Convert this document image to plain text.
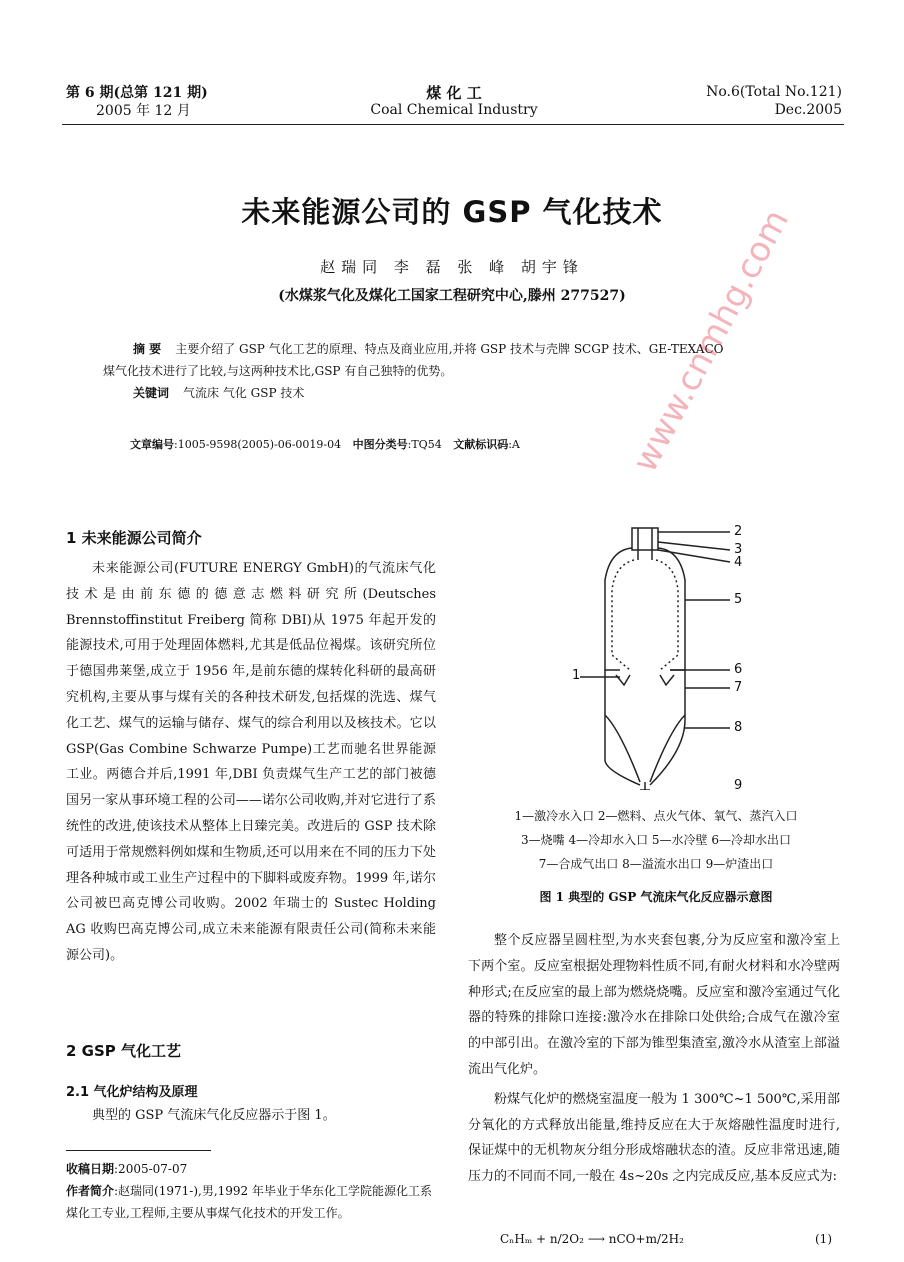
第 6 期(总第 121 期)
2005 年 12 月
煤 化 工
Coal Chemical Industry
No.6(Total No.121)
Dec.2005
未来能源公司的 GSP 气化技术
赵瑞同 李 磊 张 峰 胡宇锋
(水煤浆气化及煤化工国家工程研究中心,滕州 277527)
摘 要 主要介绍了 GSP 气化工艺的原理、特点及商业应用,并将 GSP 技术与壳牌 SCGP 技术、GE-TEXACO
煤气化技术进行了比较,与这两种技术比,GSP 有自己独特的优势。
关键词 气流床 气化 GSP 技术
文章编号:1005-9598(2005)-06-0019-04 中图分类号:TQ54 文献标识码:A
1 未来能源公司简介

未来能源公司(FUTURE ENERGY GmbH)的气流床气化技术是由前东德的德意志燃料研究所(Deutsches Brennstoffinstitut Freiberg 简称 DBI)从 1975 年起开发的能源技术,可用于处理固体燃料,尤其是低品位褐煤。该研究所位于德国弗莱堡,成立于 1956 年,是前东德的煤转化科研的最高研究机构,主要从事与煤有关的各种技术研发,包括煤的洗选、煤气化工艺、煤气的运输与储存、煤气的综合利用以及核技术。它以 GSP(Gas Combine Schwarze Pumpe)工艺而驰名世界能源工业。两德合并后,1991 年,DBI 负责煤气生产工艺的部门被德国另一家从事环境工程的公司——诺尔公司收购,并对它进行了系统性的改进,使该技术从整体上日臻完美。改进后的 GSP 技术除可适用于常规燃料例如煤和生物质,还可以用来在不同的压力下处理各种城市或工业生产过程中的下脚料或废弃物。1999 年,诺尔公司被巴高克博公司收购。2002 年瑞士的 Sustec Holding AG 收购巴高克博公司,成立未来能源有限责任公司(简称未来能源公司)。

2 GSP 气化工艺
2.1 气化炉结构及原理

典型的 GSP 气流床气化反应器示于图 1。

收稿日期:2005-07-07
作者简介:赵瑞同(1971-),男,1992 年毕业于华东化工学院能源化工系煤化工专业,工程师,主要从事煤气化技术的开发工作。
www.cnmhg.com
1
2
3
4
5
6
7
8
9
1—激冷水入口 2—燃料、点火气体、氧气、蒸汽入口
3—烧嘴 4—冷却水入口 5—水冷壁 6—冷却水出口
7—合成气出口 8—溢流水出口 9—炉渣出口
图 1 典型的 GSP 气流床气化反应器示意图

整个反应器呈圆柱型,为水夹套包裹,分为反应室和激冷室上下两个室。反应室根据处理物料性质不同,有耐火材料和水冷壁两种形式;在反应室的最上部为燃烧烧嘴。反应室和激冷室通过气化器的特殊的排除口连接:激冷水在排除口处供给;合成气在激冷室的中部引出。在激冷室的下部为锥型集渣室,激冷水从渣室上部溢流出气化炉。

粉煤气化炉的燃烧室温度一般为 1 300℃~1 500℃,采用部分氧化的方式释放出能量,维持反应在大于灰熔融性温度时进行,保证煤中的无机物灰分组分形成熔融状态的渣。反应非常迅速,随压力的不同而不同,一般在 4s~20s 之内完成反应,基本反应式为:

CₙHₘ + n/2O₂ ⟶ nCO+m/2H₂	(1)
